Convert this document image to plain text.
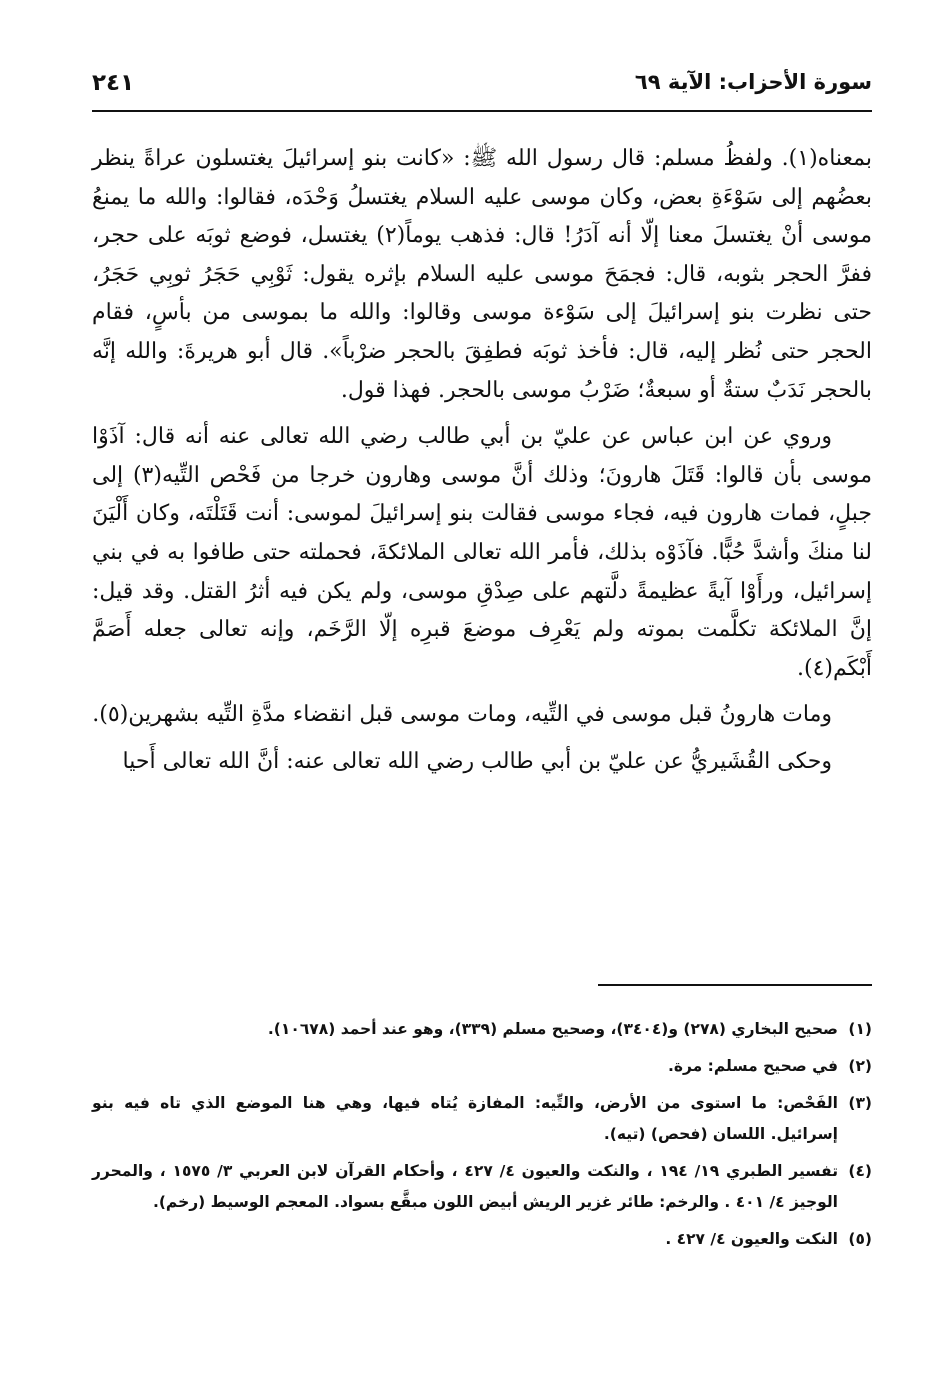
سورة الأحزاب: الآية ٦٩
٢٤١

بمعناه(١). ولفظُ مسلم: قال رسول الله ﷺ: «كانت بنو إسرائيلَ يغتسلون عراةً ينظر بعضُهم إلى سَوْءَةِ بعض، وكان موسى عليه السلام يغتسلُ وَحْدَه، فقالوا: والله ما يمنعُ موسى أنْ يغتسلَ معنا إلّا أنه آدَرُ! قال: فذهب يوماً(٢) يغتسل، فوضع ثوبَه على حجر، ففرَّ الحجر بثوبه، قال: فجمَحَ موسى عليه السلام بإثره يقول: ثَوْبِي حَجَرُ ثوبِي حَجَرُ، حتى نظرت بنو إسرائيلَ إلى سَوْءة موسى وقالوا: والله ما بموسى من بأسٍ، فقام الحجر حتى نُظر إليه، قال: فأخذ ثوبَه فطفِقَ بالحجر ضرْباً». قال أبو هريرةَ: والله إنَّه بالحجر نَدَبٌ ستةٌ أو سبعةٌ؛ ضَرْبُ موسى بالحجر. فهذا قول.

وروي عن ابن عباس عن عليّ بن أبي طالب رضي الله تعالى عنه أنه قال: آذَوْا موسى بأن قالوا: قَتَلَ هارونَ؛ وذلك أنَّ موسى وهارون خرجا من فَحْص التِّيه(٣) إلى جبلٍ، فمات هارون فيه، فجاء موسى فقالت بنو إسرائيلَ لموسى: أنت قَتَلْتَه، وكان أَلْيَنَ لنا منكَ وأشدَّ حُبًّا. فآذَوْه بذلك، فأمر الله تعالى الملائكةَ، فحملته حتى طافوا به في بني إسرائيل، ورأَوْا آيةً عظيمةً دلَّتهم على صِدْقِ موسى، ولم يكن فيه أثرُ القتل. وقد قيل: إنَّ الملائكة تكلَّمت بموته ولم يَعْرِف موضعَ قبرِه إلّا الرَّخَم، وإنه تعالى جعله أَصَمَّ أَبْكَم(٤).

ومات هارونُ قبل موسى في التِّيه، ومات موسى قبل انقضاء مدَّةِ التِّيه بشهرين(٥).

وحكى القُشَيريُّ عن عليّ بن أبي طالب رضي الله تعالى عنه: أنَّ الله تعالى أَحيا

(١)
صحيح البخاري (٢٧٨) و(٣٤٠٤)، وصحيح مسلم (٣٣٩)، وهو عند أحمد (١٠٦٧٨).
(٢)
في صحيح مسلم: مرة.
(٣)
الفَحْص: ما استوى من الأرض، والتِّيه: المفازة يُتاه فيها، وهي هنا الموضع الذي تاه فيه بنو إسرائيل. اللسان (فحص) (تيه).
(٤)
تفسير الطبري ١٩/ ١٩٤ ، والنكت والعيون ٤/ ٤٢٧ ، وأحكام القرآن لابن العربي ٣/ ١٥٧٥ ، والمحرر الوجيز ٤/ ٤٠١ . والرخم: طائر غزير الريش أبيض اللون مبقَّع بسواد. المعجم الوسيط (رخم).
(٥)
النكت والعيون ٤/ ٤٢٧ .
